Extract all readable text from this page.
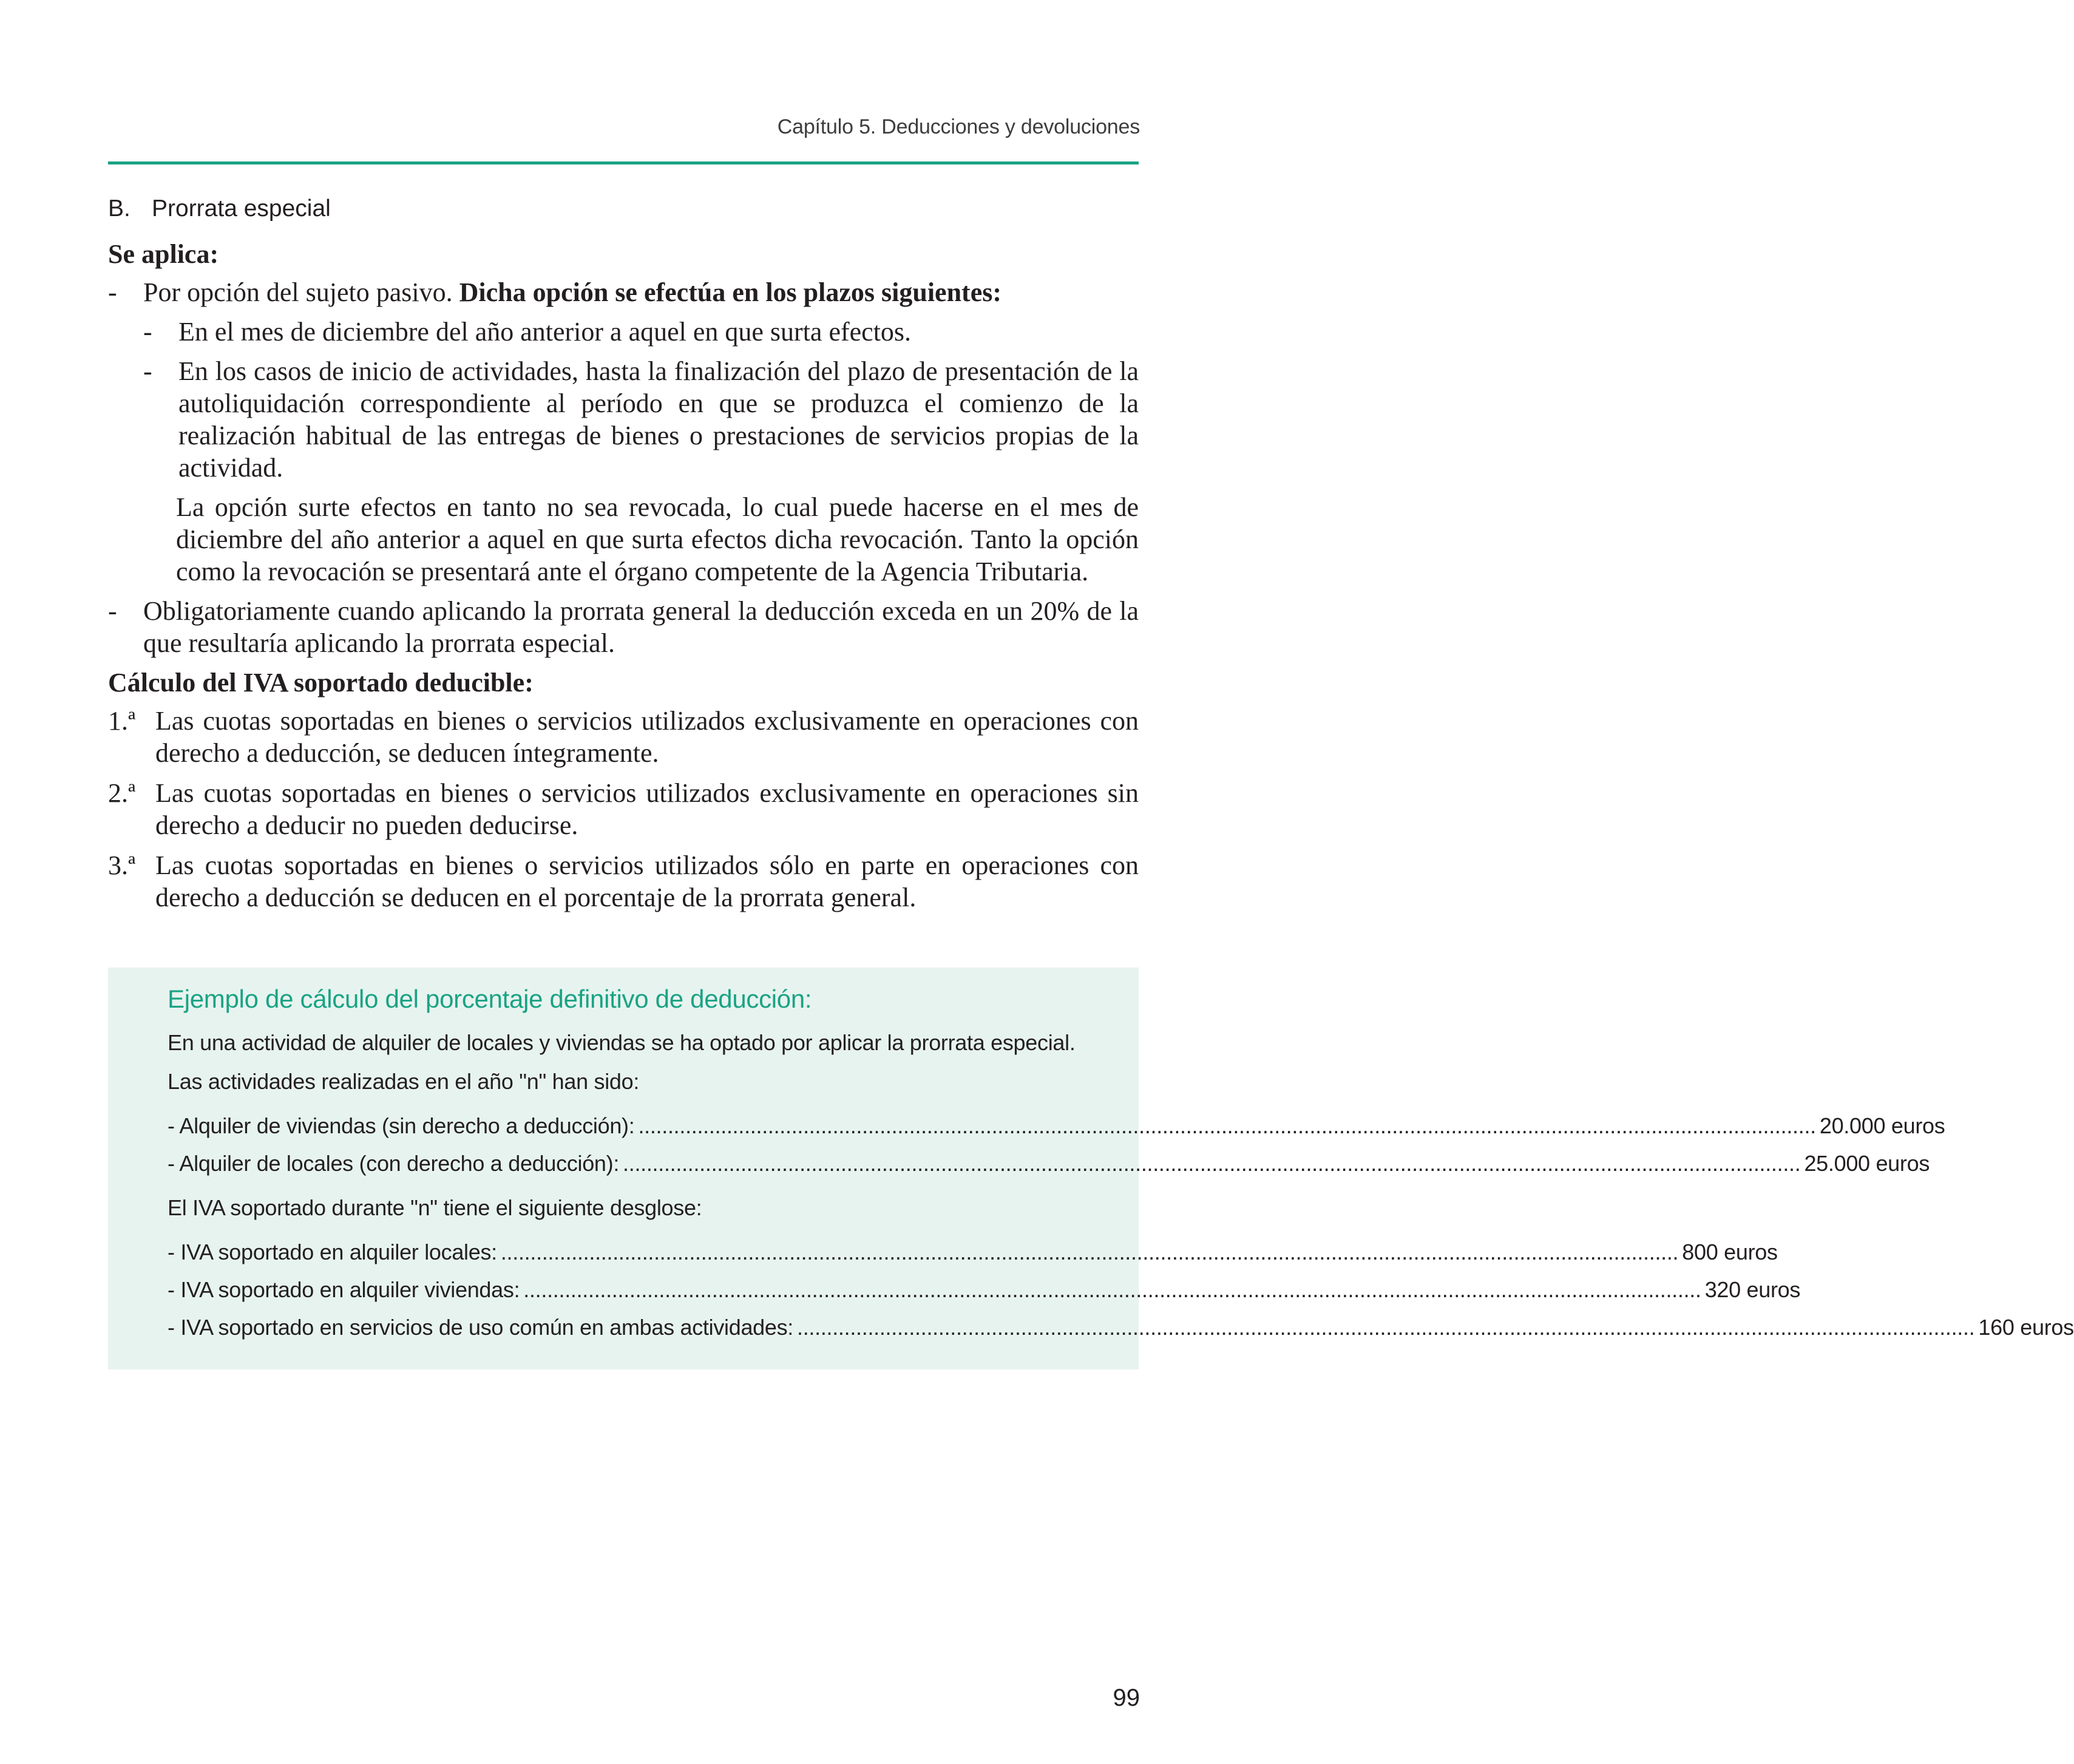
Capítulo 5. Deducciones y devoluciones
B. Prorrata especial

Se aplica:

- Por opción del sujeto pasivo. Dicha opción se efectúa en los plazos siguientes:
- En el mes de diciembre del año anterior a aquel en que surta efectos.
- En los casos de inicio de actividades, hasta la finalización del plazo de presentación de la autoliquidación correspondiente al período en que se produzca el comienzo de la realización habitual de las entregas de bienes o prestaciones de servicios propias de la actividad.

La opción surte efectos en tanto no sea revocada, lo cual puede hacerse en el mes de diciembre del año anterior a aquel en que surta efectos dicha revocación. Tanto la opción como la revocación se presentará ante el órgano competente de la Agencia Tributaria.

- Obligatoriamente cuando aplicando la prorrata general la deducción exceda en un 20% de la que resultaría aplicando la prorrata especial.

Cálculo del IVA soportado deducible:

1.ª Las cuotas soportadas en bienes o servicios utilizados exclusivamente en operaciones con derecho a deducción, se deducen íntegramente.
2.ª Las cuotas soportadas en bienes o servicios utilizados exclusivamente en operaciones sin derecho a deducir no pueden deducirse.
3.ª Las cuotas soportadas en bienes o servicios utilizados sólo en parte en operaciones con derecho a deducción se deducen en el porcentaje de la prorrata general.
Ejemplo de cálculo del porcentaje definitivo de deducción:
En una actividad de alquiler de locales y viviendas se ha optado por aplicar la prorrata especial.
Las actividades realizadas en el año "n" han sido:
- Alquiler de viviendas (sin derecho a deducción): ........................................................................................................................................................................................................ 20.000 euros
- Alquiler de locales (con derecho a deducción): ........................................................................................................................................................................................................ 25.000 euros
El IVA soportado durante "n" tiene el siguiente desglose:
- IVA soportado en alquiler locales: ........................................................................................................................................................................................................ 800 euros
- IVA soportado en alquiler viviendas: ........................................................................................................................................................................................................ 320 euros
- IVA soportado en servicios de uso común en ambas actividades: ........................................................................................................................................................................................................ 160 euros
99
